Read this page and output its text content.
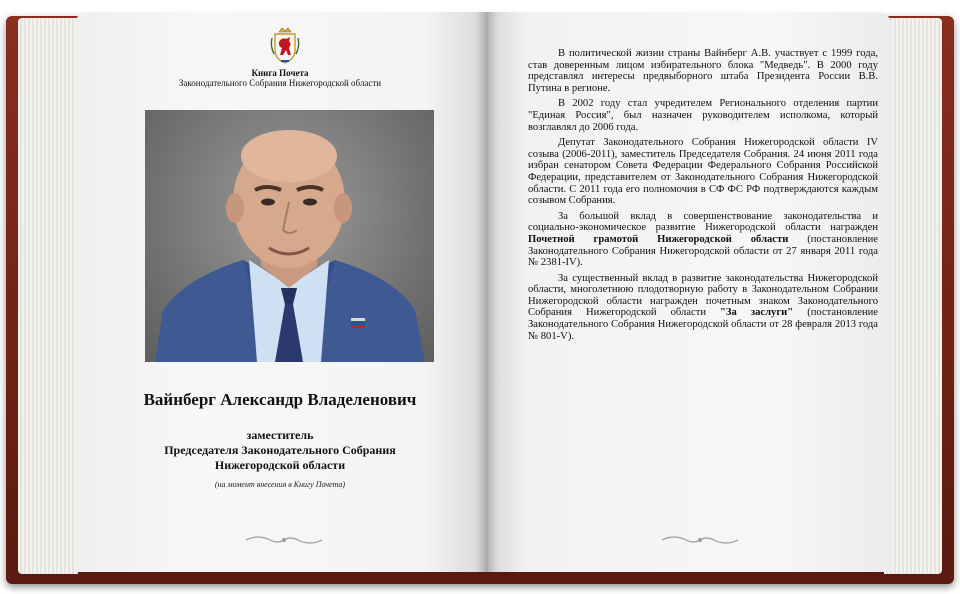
Книга Почета
Законодательного Собрания Нижегородской области
Вайнберг Александр Владеленович
заместитель
Председателя Законодательного Собрания
Нижегородской области
(на момент внесения в Книгу Почета)

В политической жизни страны Вайнберг А.В. участвует с 1999 года, став доверенным лицом избирательного блока "Медведь". В 2000 году представлял интересы предвыборного штаба Президента России В.В. Путина в регионе.

В 2002 году стал учредителем Регионального отделения партии "Единая Россия", был назначен руководителем исполкома, который возглавлял до 2006 года.

Депутат Законодательного Собрания Нижегородской области IV созыва (2006-2011), заместитель Председателя Собрания. 24 июня 2011 года избран сенатором Совета Федерации Федерального Собрания Российской Федерации, представителем от Законодательного Собрания Нижегородской области. С 2011 года его полномочия в СФ ФС РФ подтверждаются каждым созывом Собрания.

За большой вклад в совершенствование законодательства и социально-экономическое развитие Нижегородской области награжден Почетной грамотой Нижегородской области (постановление Законодательного Собрания Нижегородской области от 27 января 2011 года № 2381-IV).

За существенный вклад в развитие законодательства Нижегородской области, многолетнюю плодотворную работу в Законодательном Собрании Нижегородской области награжден почетным знаком Законодательного Собрания Нижегородской области "За заслуги" (постановление Законодательного Собрания Нижегородской области от 28 февраля 2013 года № 801-V).
